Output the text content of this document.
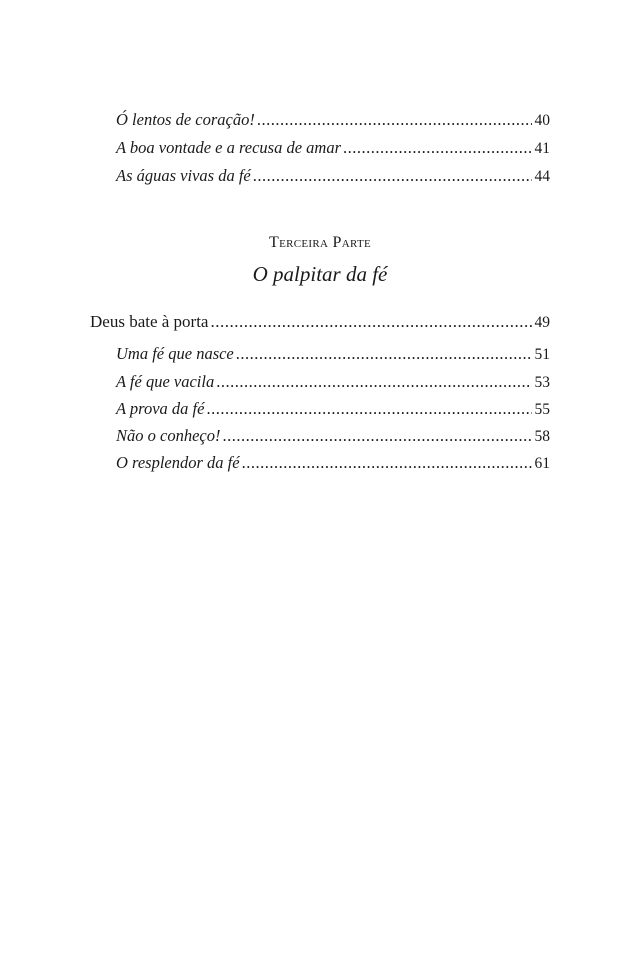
Ó lentos de coração! .....	40
A boa vontade e a recusa de amar .....	41
As águas vivas da fé .....	44
Terceira Parte
O palpitar da fé
Deus bate à porta .....	49
Uma fé que nasce .....	51
A fé que vacila .....	53
A prova da fé .....	55
Não o conheço! .....	58
O resplendor da fé .....	61
